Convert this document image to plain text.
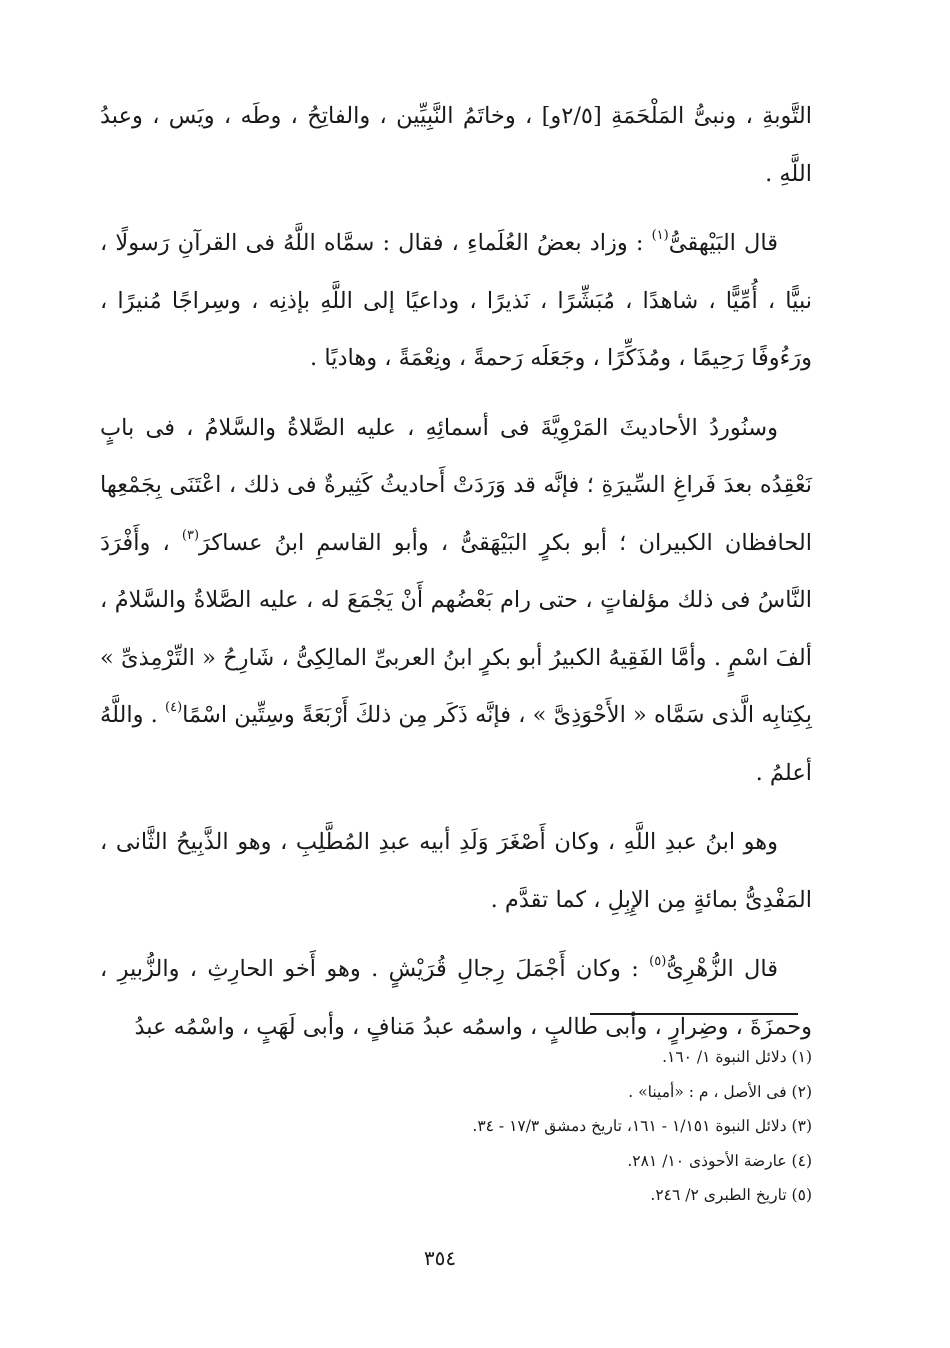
التَّوبةِ ، ونبىُّ المَلْحَمَةِ [٢/٥و] ، وخاتَمُ النَّبِيِّين ، والفاتِحُ ، وطَه ، ويَس ، وعبدُ اللَّهِ .

قال البَيْهقىُّ$^{(١)}$ : وزاد بعضُ العُلَماءِ ، فقال : سمَّاه اللَّهُ فى القرآنِ رَسولًا ، نبيًّا ، أُمِّيًّا ، شاهدًا ، مُبَشِّرًا ، نَذيرًا ، وداعيًا إلى اللَّهِ بإذنِه ، وسِراجًا مُنيرًا ، ورَءُوفًا رَحِيمًا ، ومُذَكِّرًا ، وجَعَلَه رَحمةً ، ونِعْمَةً ، وهاديًا .

وسنُوردُ الأحاديثَ المَرْوِيَّةَ فى أسمائِهِ ، عليه الصَّلاةُ والسَّلامُ ، فى بابٍ نَعْقِدُه بعدَ فَراغِ السِّيرَةِ ؛ فإنَّه قد وَرَدَتْ أَحاديثُ كَثِيرةٌ فى ذلك ، اعْتَنَى بِجَمْعِها الحافظان الكبيران ؛ أبو بكرٍ البَيْهَقىُّ ، وأبو القاسمِ ابنُ عساكرَ$^{(٣)}$ ، وأَفْرَدَ النَّاسُ فى ذلك مؤلفاتٍ ، حتى رام بَعْضُهم أَنْ يَجْمَعَ له ، عليه الصَّلاةُ والسَّلامُ ، ألفَ اسْمٍ . وأمَّا الفَقِيهُ الكبيرُ أبو بكرٍ ابنُ العربىِّ المالِكِىُّ ، شَارِحُ « التِّرْمِذىِّ » بِكِتابِه الَّذى سَمَّاه « الأَحْوَذِىَّ » ، فإنَّه ذَكَر مِن ذلكَ أَرْبَعَةً وسِتِّين اسْمًا$^{(٤)}$ . واللَّهُ أعلمُ .

وهو ابنُ عبدِ اللَّهِ ، وكان أَصْغَرَ وَلَدِ أبيه عبدِ المُطَّلِبِ ، وهو الذَّبِيحُ الثَّانى ، المَفْدِىُّ بمائةٍ مِن الإِبِلِ ، كما تقدَّم .

قال الزُّهْرِىُّ$^{(٥)}$ : وكان أَجْمَلَ رِجالِ قُرَيْشٍ . وهو أَخو الحارِثِ ، والزُّبيرِ ، وحمزَةَ ، وضِرارٍ ، وأبى طالبٍ ، واسمُه عبدُ مَنافٍ ، وأبى لَهَبٍ ، واسْمُه عبدُ

(١) دلائل النبوة ١/ ١٦٠.
(٢) فى الأصل ، م : «أمينا» .
(٣) دلائل النبوة ١/١٥١ - ١٦١، تاريخ دمشق ١٧/٣ - ٣٤.
(٤) عارضة الأحوذى ١٠/ ٢٨١.
(٥) تاريخ الطبرى ٢/ ٢٤٦.
٣٥٤
